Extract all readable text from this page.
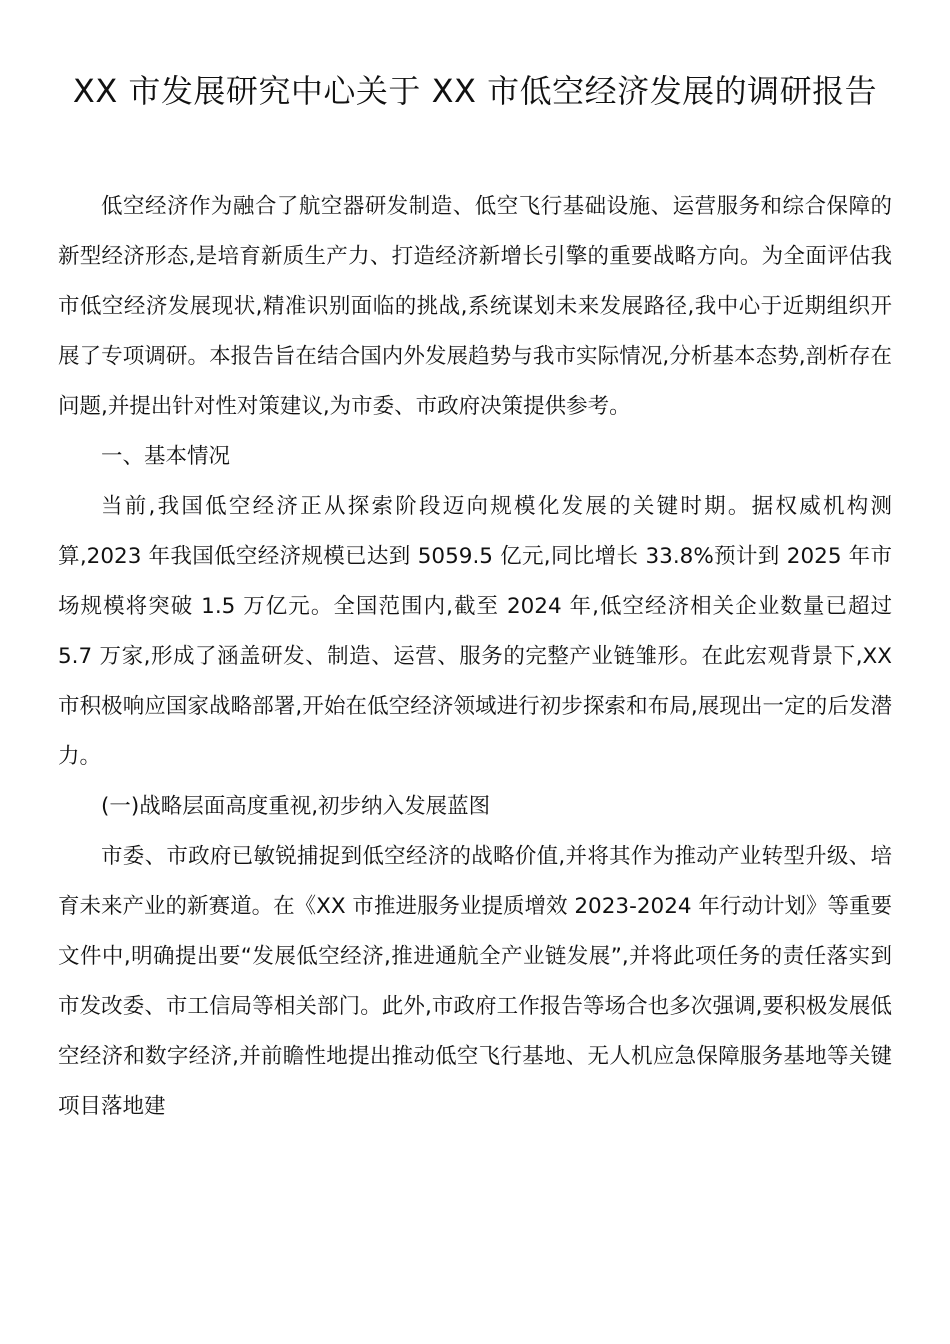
XX 市发展研究中心关于 XX 市低空经济发展的调研报告

低空经济作为融合了航空器研发制造、低空飞行基础设施、运营服务和综合保障的新型经济形态,是培育新质生产力、打造经济新增长引擎的重要战略方向。为全面评估我市低空经济发展现状,精准识别面临的挑战,系统谋划未来发展路径,我中心于近期组织开展了专项调研。本报告旨在结合国内外发展趋势与我市实际情况,分析基本态势,剖析存在问题,并提出针对性对策建议,为市委、市政府决策提供参考。

一、基本情况

当前,我国低空经济正从探索阶段迈向规模化发展的关键时期。据权威机构测算,2023 年我国低空经济规模已达到 5059.5 亿元,同比增长 33.8%预计到 2025 年市场规模将突破 1.5 万亿元。全国范围内,截至 2024 年,低空经济相关企业数量已超过 5.7 万家,形成了涵盖研发、制造、运营、服务的完整产业链雏形。在此宏观背景下,XX 市积极响应国家战略部署,开始在低空经济领域进行初步探索和布局,展现出一定的后发潜力。

(一)战略层面高度重视,初步纳入发展蓝图

市委、市政府已敏锐捕捉到低空经济的战略价值,并将其作为推动产业转型升级、培育未来产业的新赛道。在《XX 市推进服务业提质增效 2023-2024 年行动计划》等重要文件中,明确提出要“发展低空经济,推进通航全产业链发展”,并将此项任务的责任落实到市发改委、市工信局等相关部门。此外,市政府工作报告等场合也多次强调,要积极发展低空经济和数字经济,并前瞻性地提出推动低空飞行基地、无人机应急保障服务基地等关键项目落地建
